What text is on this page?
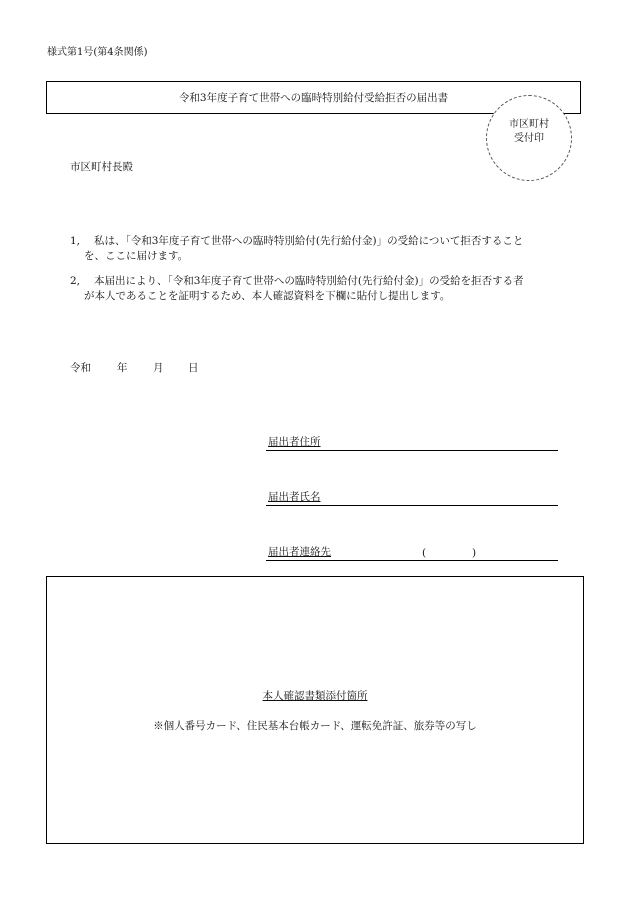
様式第1号(第4条関係)
令和3年度子育て世帯への臨時特別給付受給拒否の届出書
市区町村
受付印
市区町村長殿
1, 私は、「令和3年度子育て世帯への臨時特別給付(先行給付金)」の受給について拒否すること
を、ここに届けます。
2, 本届出により、「令和3年度子育て世帯への臨時特別給付(先行給付金)」の受給を拒否する者
が本人であることを証明するため、本人確認資料を下欄に貼付し提出します。
令和 年 月 日
届出者住所
届出者氏名
届出者連絡先	(	)
本人確認書類添付箇所
※個人番号カード、住民基本台帳カード、運転免許証、旅券等の写し
